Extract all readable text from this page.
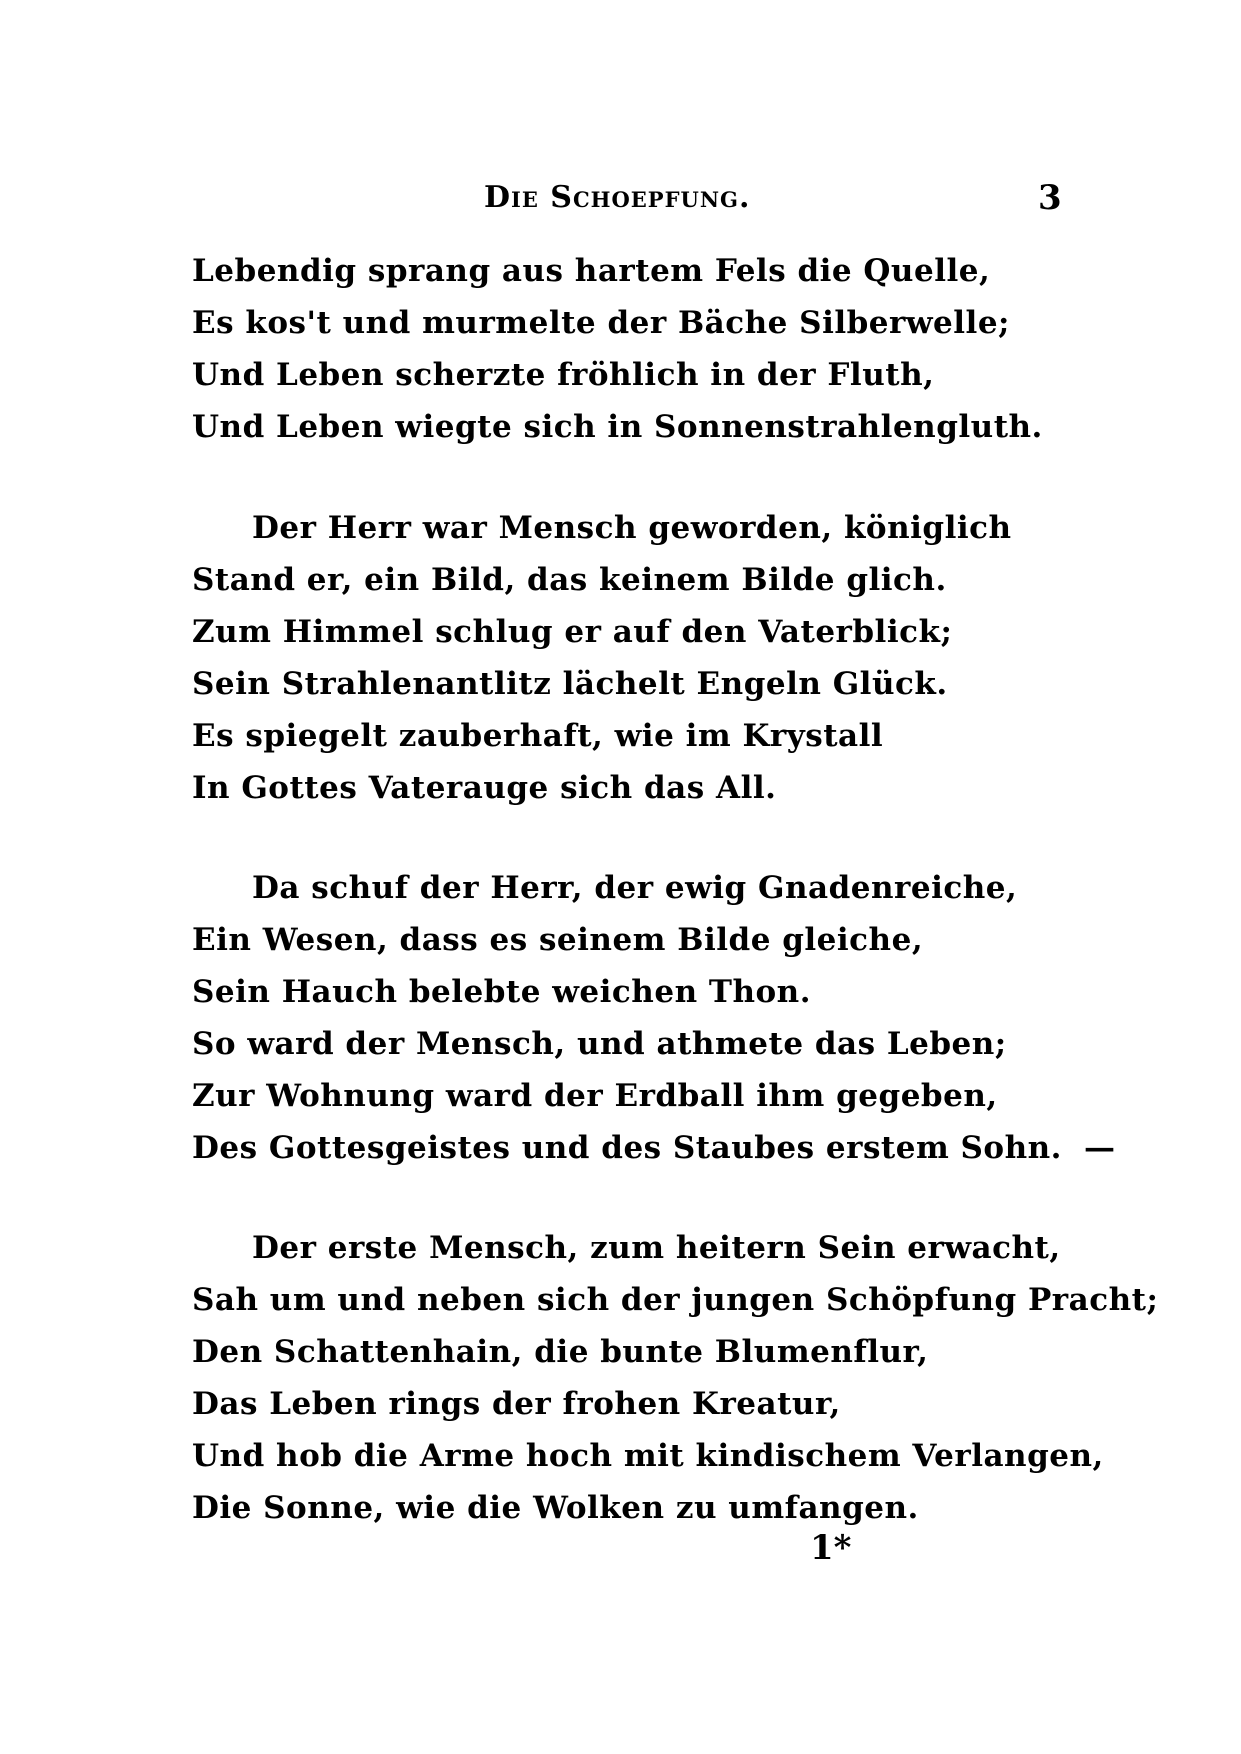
Die Schoepfung.	3
Lebendig sprang aus hartem Fels die Quelle,
Es kos't und murmelte der Bäche Silberwelle;
Und Leben scherzte fröhlich in der Fluth,
Und Leben wiegte sich in Sonnenstrahlengluth.
Der Herr war Mensch geworden, königlich
Stand er, ein Bild, das keinem Bilde glich.
Zum Himmel schlug er auf den Vaterblick;
Sein Strahlenantlitz lächelt Engeln Glück.
Es spiegelt zauberhaft, wie im Krystall
In Gottes Vaterauge sich das All.
Da schuf der Herr, der ewig Gnadenreiche,
Ein Wesen, dass es seinem Bilde gleiche,
Sein Hauch belebte weichen Thon.
So ward der Mensch, und athmete das Leben;
Zur Wohnung ward der Erdball ihm gegeben,
Des Gottesgeistes und des Staubes erstem Sohn. —
Der erste Mensch, zum heitern Sein erwacht,
Sah um und neben sich der jungen Schöpfung Pracht;
Den Schattenhain, die bunte Blumenflur,
Das Leben rings der frohen Kreatur,
Und hob die Arme hoch mit kindischem Verlangen,
Die Sonne, wie die Wolken zu umfangen.
1*
